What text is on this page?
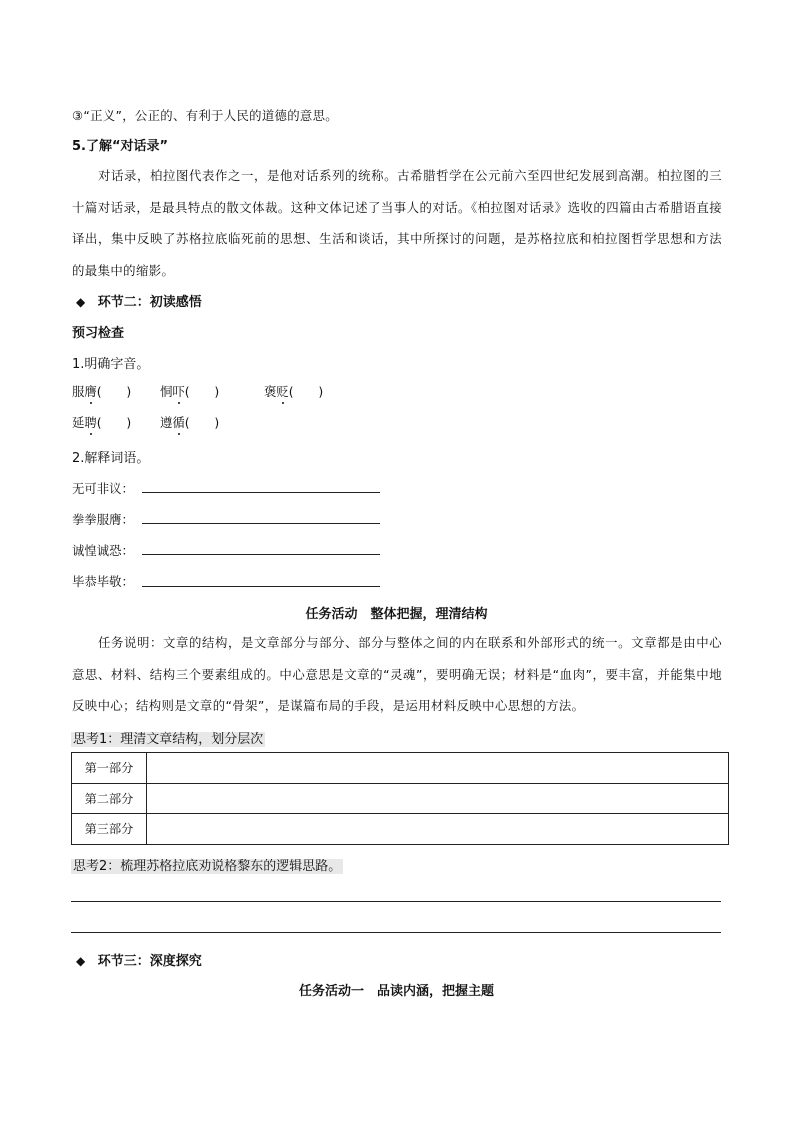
③“正义”，公正的、有利于人民的道德的意思。
5.了解“对话录”
对话录，柏拉图代表作之一，是他对话系列的统称。古希腊哲学在公元前六至四世纪发展到高潮。柏拉图的三十篇对话录，是最具特点的散文体裁。这种文体记述了当事人的对话。《柏拉图对话录》选收的四篇由古希腊语直接译出，集中反映了苏格拉底临死前的思想、生活和谈话，其中所探讨的问题，是苏格拉底和柏拉图哲学思想和方法的最集中的缩影。
◆ 环节二：初读感悟
预习检查
1.明确字音。
服膺(　　) 恫吓(　　)	褒贬(　　)
延聘(　　) 遵循(　　)
2.解释词语。
无可非议：
拳拳服膺：
诚惶诚恐：
毕恭毕敬：
任务活动　整体把握，理清结构
任务说明：文章的结构，是文章部分与部分、部分与整体之间的内在联系和外部形式的统一。文章都是由中心意思、材料、结构三个要素组成的。中心意思是文章的“灵魂”，要明确无误；材料是“血肉”，要丰富，并能集中地反映中心；结构则是文章的“骨架”，是谋篇布局的手段，是运用材料反映中心思想的方法。
思考1：理清文章结构，划分层次
第一部分	
第二部分	
第三部分	
思考2：梳理苏格拉底劝说格黎东的逻辑思路。
◆ 环节三：深度探究
任务活动一　品读内涵，把握主题
